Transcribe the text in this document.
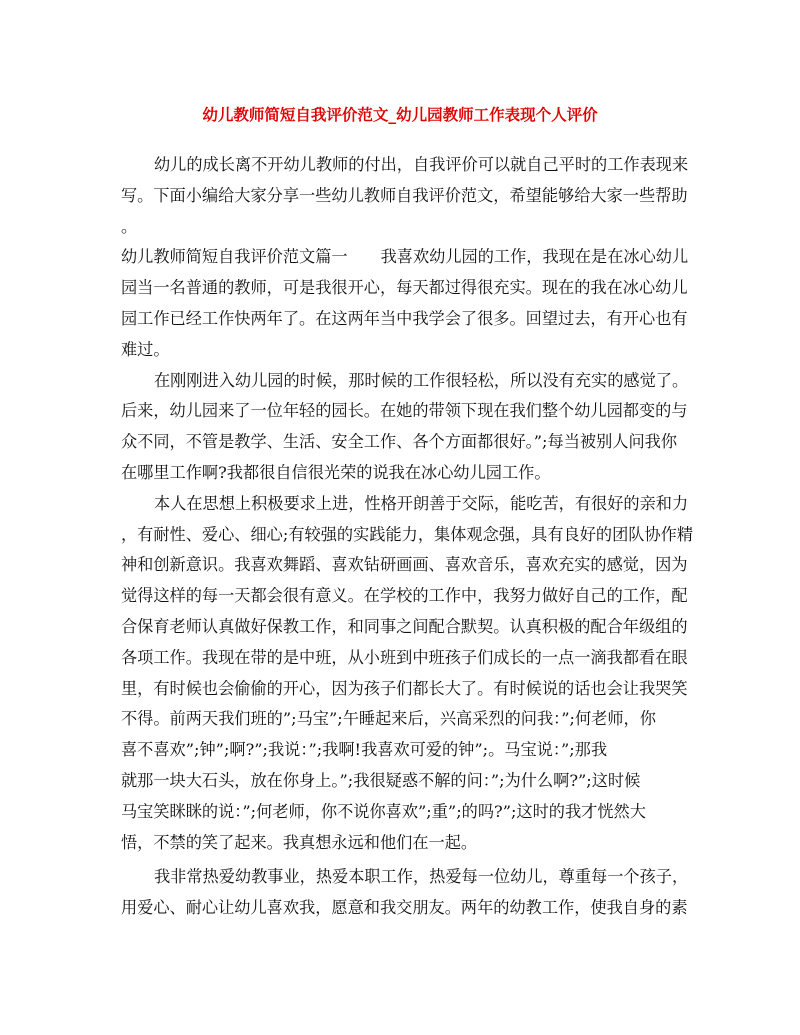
幼儿教师简短自我评价范文_幼儿园教师工作表现个人评价
幼儿的成长离不开幼儿教师的付出，自我评价可以就自己平时的工作表现来
写。下面小编给大家分享一些幼儿教师自我评价范文，希望能够给大家一些帮助
。
幼儿教师简短自我评价范文篇一 我喜欢幼儿园的工作，我现在是在冰心幼儿
园当一名普通的教师，可是我很开心，每天都过得很充实。现在的我在冰心幼儿
园工作已经工作快两年了。在这两年当中我学会了很多。回望过去，有开心也有
难过。
在刚刚进入幼儿园的时候，那时候的工作很轻松，所以没有充实的感觉了。
后来，幼儿园来了一位年轻的园长。在她的带领下现在我们整个幼儿园都变的与
众不同，不管是教学、生活、安全工作、各个方面都很好。”;每当被别人问我你
在哪里工作啊?我都很自信很光荣的说我在冰心幼儿园工作。
本人在思想上积极要求上进，性格开朗善于交际，能吃苦，有很好的亲和力
，有耐性、爱心、细心;有较强的实践能力，集体观念强，具有良好的团队协作精
神和创新意识。我喜欢舞蹈、喜欢钻研画画、喜欢音乐，喜欢充实的感觉，因为
觉得这样的每一天都会很有意义。在学校的工作中，我努力做好自己的工作，配
合保育老师认真做好保教工作，和同事之间配合默契。认真积极的配合年级组的
各项工作。我现在带的是中班，从小班到中班孩子们成长的一点一滴我都看在眼
里，有时候也会偷偷的开心，因为孩子们都长大了。有时候说的话也会让我哭笑
不得。前两天我们班的”;马宝”;午睡起来后，兴高采烈的问我：”;何老师，你
喜不喜欢”;钟”;啊?”;我说：”;我啊!我喜欢可爱的钟”;。马宝说：”;那我
就那一块大石头，放在你身上。”;我很疑惑不解的问：”;为什么啊?”;这时候
马宝笑眯眯的说：”;何老师，你不说你喜欢”;重”;的吗?”;这时的我才恍然大
悟，不禁的笑了起来。我真想永远和他们在一起。
我非常热爱幼教事业，热爱本职工作，热爱每一位幼儿，尊重每一个孩子，
用爱心、耐心让幼儿喜欢我，愿意和我交朋友。两年的幼教工作，使我自身的素
